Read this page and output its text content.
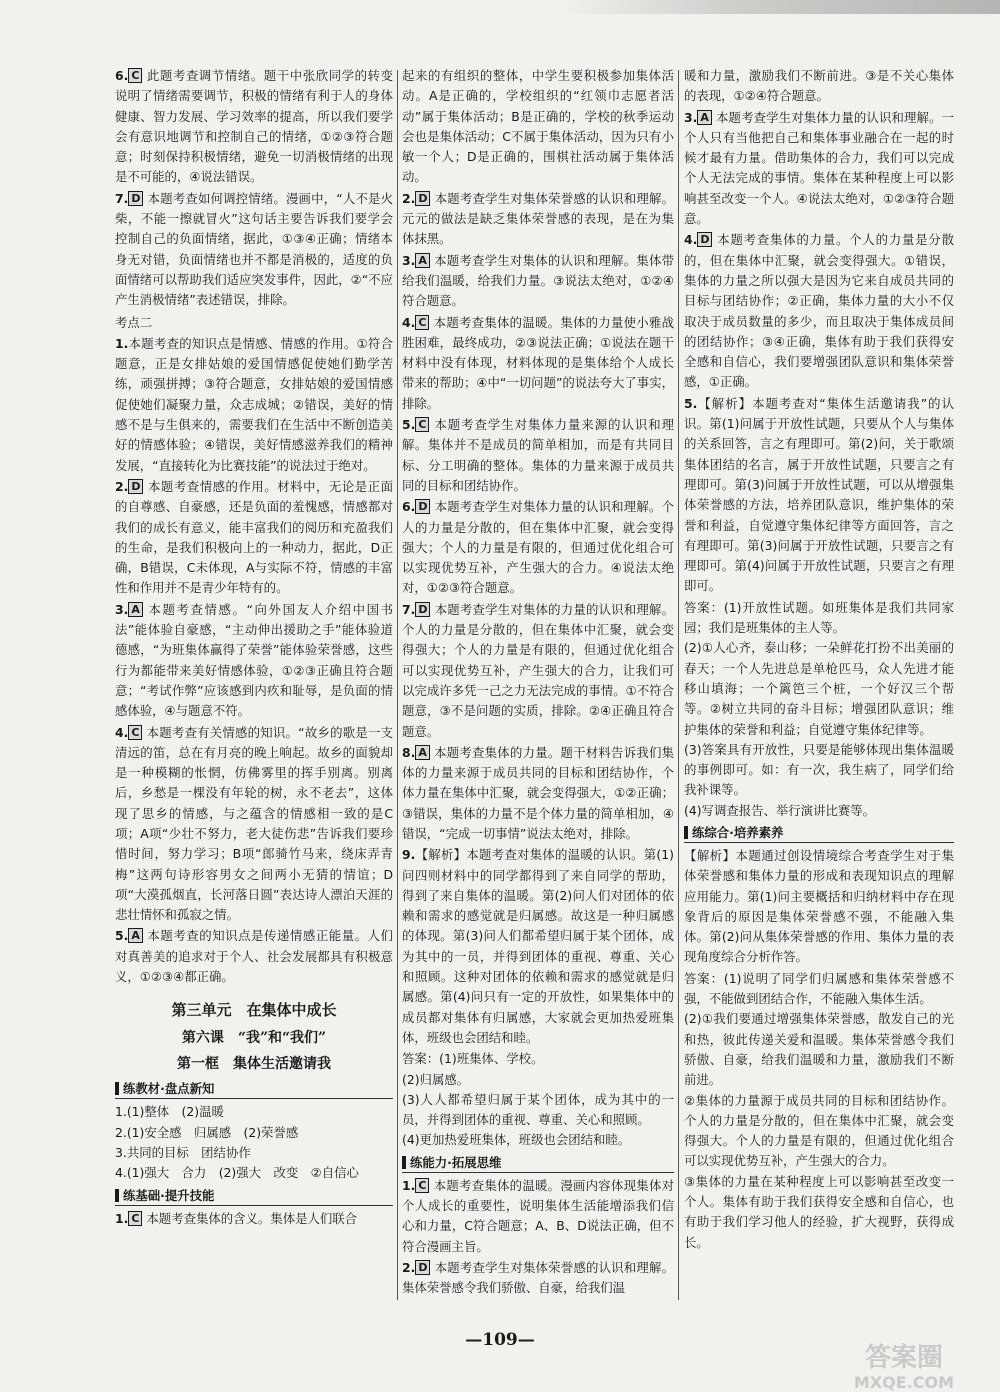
6. C 此题考查调节情绪。题干中张欣同学的转变说明了情绪需要调节，积极的情绪有利于人的身体健康、智力发展、学习效率的提高，所以我们要学会有意识地调节和控制自己的情绪，①②③符合题意；时刻保持积极情绪，避免一切消极情绪的出现是不可能的，④说法错误。

7. D 本题考查如何调控情绪。漫画中，“人不是火柴，不能一擦就冒火”这句话主要告诉我们要学会控制自己的负面情绪，据此，①③④正确；情绪本身无对错，负面情绪也并不都是消极的，适度的负面情绪可以帮助我们适应突发事件，因此，②“不应产生消极情绪”表述错误，排除。

考点二

1.本题考查的知识点是情感、情感的作用。①符合题意，正是女排姑娘的爱国情感促使她们勤学苦练，顽强拼搏；③符合题意，女排姑娘的爱国情感促使她们凝聚力量，众志成城；②错误，美好的情感不是与生俱来的，需要我们在生活中不断创造美好的情感体验；④错误，美好情感滋养我们的精神发展，“直接转化为比赛技能”的说法过于绝对。

2. D 本题考查情感的作用。材料中，无论是正面的自尊感、自豪感，还是负面的羞愧感，情感都对我们的成长有意义，能丰富我们的阅历和充盈我们的生命，是我们积极向上的一种动力，据此，D正确，B错误，C未体现，A与实际不符，情感的丰富性和作用并不是青少年特有的。

3. A 本题考查情感。“向外国友人介绍中国书法”能体验自豪感，“主动伸出援助之手”能体验道德感，“为班集体赢得了荣誉”能体验荣誉感，这些行为都能带来美好情感体验，①②③正确且符合题意；“考试作弊”应该感到内疚和耻辱，是负面的情感体验，④与题意不符。

4. C 本题考查有关情感的知识。“故乡的歌是一支清远的笛，总在有月亮的晚上响起。故乡的面貌却是一种模糊的怅惘，仿佛雾里的挥手别离。别离后，乡愁是一棵没有年轮的树，永不老去”，这体现了思乡的情感，与之蕴含的情感相一致的是C项；A项“少壮不努力，老大徒伤悲”告诉我们要珍惜时间，努力学习；B项“郎骑竹马来，绕床弄青梅”这两句诗形容男女之间两小无猜的情谊；D项“大漠孤烟直，长河落日圆”表达诗人漂泊天涯的悲壮情怀和孤寂之情。

5. A 本题考查的知识点是传递情感正能量。人们对真善美的追求对于个人、社会发展都具有积极意义，①②③④都正确。

第三单元　在集体中成长
第六课　“我”和“我们”
第一框　集体生活邀请我
练教材·盘点新知
1.(1)整体　(2)温暖
2.(1)安全感　归属感　(2)荣誉感
3.共同的目标　团结协作
4.(1)强大　合力　(2)强大　改变　②自信心
练基础·提升技能

1. C 本题考查集体的含义。集体是人们联合

起来的有组织的整体，中学生要积极参加集体活动。A是正确的，学校组织的“红领巾志愿者活动”属于集体活动；B是正确的，学校的秋季运动会也是集体活动；C不属于集体活动，因为只有小敏一个人；D是正确的，围棋社活动属于集体活动。

2. D 本题考查学生对集体荣誉感的认识和理解。元元的做法是缺乏集体荣誉感的表现，是在为集体抹黑。

3. A 本题考查学生对集体的认识和理解。集体带给我们温暖，给我们力量。③说法太绝对，①②④符合题意。

4. C 本题考查集体的温暖。集体的力量使小雅战胜困难，最终成功，②③说法正确；①说法在题干材料中没有体现，材料体现的是集体给个人成长带来的帮助；④中“一切问题”的说法夸大了事实，排除。

5. C 本题考查学生对集体力量来源的认识和理解。集体并不是成员的简单相加，而是有共同目标、分工明确的整体。集体的力量来源于成员共同的目标和团结协作。

6. D 本题考查学生对集体力量的认识和理解。个人的力量是分散的，但在集体中汇聚，就会变得强大；个人的力量是有限的，但通过优化组合可以实现优势互补，产生强大的合力。④说法太绝对，①②③符合题意。

7. D 本题考查学生对集体的力量的认识和理解。个人的力量是分散的，但在集体中汇聚，就会变得强大；个人的力量是有限的，但通过优化组合可以实现优势互补，产生强大的合力，让我们可以完成许多凭一己之力无法完成的事情。①不符合题意，③不是问题的实质，排除。②④正确且符合题意。

8. A 本题考查集体的力量。题干材料告诉我们集体的力量来源于成员共同的目标和团结协作，个体力量在集体中汇聚，就会变得强大，①②正确；③错误，集体的力量不是个体力量的简单相加，④错误，“完成一切事情”说法太绝对，排除。

9.【解析】本题考查对集体的温暖的认识。第(1)问四则材料中的同学都得到了来自同学的帮助，得到了来自集体的温暖。第(2)问人们对团体的依赖和需求的感觉就是归属感。故这是一种归属感的体现。第(3)问人们都希望归属于某个团体，成为其中的一员，并得到团体的重视、尊重、关心和照顾。这种对团体的依赖和需求的感觉就是归属感。第(4)问只有一定的开放性，如果集体中的成员都对集体有归属感，大家就会更加热爱班集体，班级也会团结和睦。

答案：(1)班集体、学校。
(2)归属感。
(3)人人都希望归属于某个团体，成为其中的一员，并得到团体的重视、尊重、关心和照顾。
(4)更加热爱班集体，班级也会团结和睦。
练能力·拓展思维

1. C 本题考查集体的温暖。漫画内容体现集体对个人成长的重要性，说明集体生活能增添我们信心和力量，C符合题意；A、B、D说法正确，但不符合漫画主旨。

2. D 本题考查学生对集体荣誉感的认识和理解。集体荣誉感令我们骄傲、自豪，给我们温

暖和力量，激励我们不断前进。③是不关心集体的表现，①②④符合题意。

3. A 本题考查学生对集体力量的认识和理解。一个人只有当他把自己和集体事业融合在一起的时候才最有力量。借助集体的合力，我们可以完成个人无法完成的事情。集体在某种程度上可以影响甚至改变一个人。④说法太绝对，①②③符合题意。

4. D 本题考查集体的力量。个人的力量是分散的，但在集体中汇聚，就会变得强大。①错误，集体的力量之所以强大是因为它来自成员共同的目标与团结协作；②正确，集体力量的大小不仅取决于成员数量的多少，而且取决于集体成员间的团结协作；③④正确，集体有助于我们获得安全感和自信心，我们要增强团队意识和集体荣誉感，①正确。

5.【解析】本题考查对“集体生活邀请我”的认识。第(1)问属于开放性试题，只要从个人与集体的关系回答，言之有理即可。第(2)问，关于歌颂集体团结的名言，属于开放性试题，只要言之有理即可。第(3)问属于开放性试题，可以从增强集体荣誉感的方法，培养团队意识，维护集体的荣誉和利益，自觉遵守集体纪律等方面回答，言之有理即可。第(3)问属于开放性试题，只要言之有理即可。第(4)问属于开放性试题，只要言之有理即可。

答案：(1)开放性试题。如班集体是我们共同家园；我们是班集体的主人等。
(2)①人心齐，泰山移；一朵鲜花打扮不出美丽的春天；一个人先进总是单枪匹马，众人先进才能移山填海；一个篱笆三个桩，一个好汉三个帮等。②树立共同的奋斗目标；增强团队意识；维护集体的荣誉和利益；自觉遵守集体纪律等。
(3)答案具有开放性，只要是能够体现出集体温暖的事例即可。如：有一次，我生病了，同学们给我补课等。
(4)写调查报告、举行演讲比赛等。
练综合·培养素养

【解析】本题通过创设情境综合考查学生对于集体荣誉感和集体力量的形成和表现知识点的理解应用能力。第(1)问主要概括和归纳材料中存在现象背后的原因是集体荣誉感不强，不能融入集体。第(2)问从集体荣誉感的作用、集体力量的表现角度综合分析作答。

答案：(1)说明了同学们归属感和集体荣誉感不强，不能做到团结合作，不能融入集体生活。
(2)①我们要通过增强集体荣誉感，散发自己的光和热，彼此传递关爱和温暖。集体荣誉感令我们骄傲、自豪，给我们温暖和力量，激励我们不断前进。
②集体的力量源于成员共同的目标和团结协作。个人的力量是分散的，但在集体中汇聚，就会变得强大。个人的力量是有限的，但通过优化组合可以实现优势互补，产生强大的合力。
③集体的力量在某种程度上可以影响甚至改变一个人。集体有助于我们获得安全感和自信心，也有助于我们学习他人的经验，扩大视野，获得成长。
—109—
答案圈
MXQE.COM
